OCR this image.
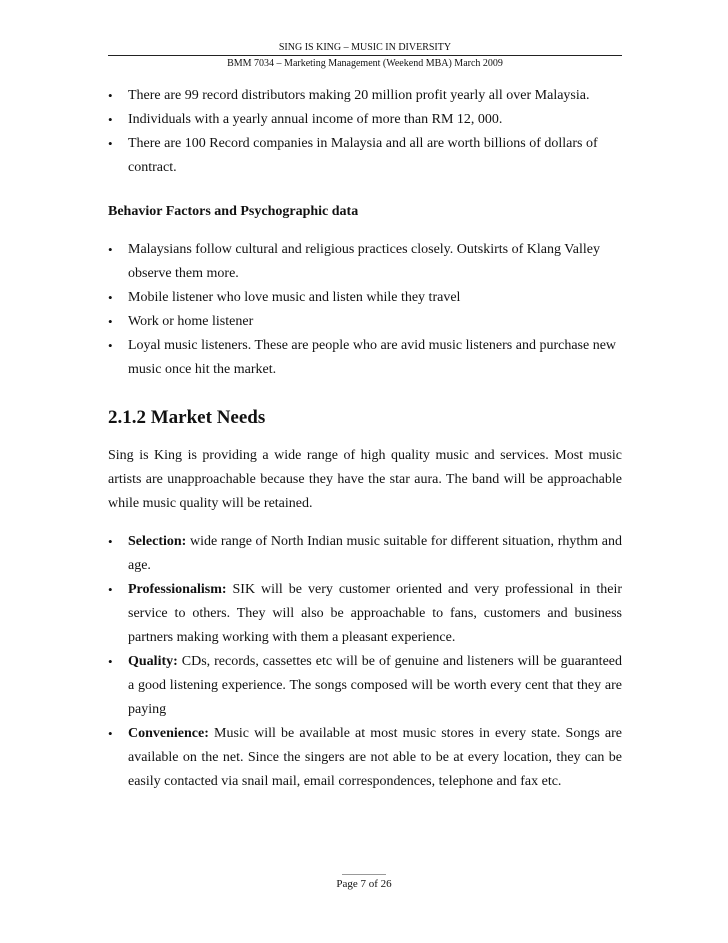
SING IS KING – MUSIC IN DIVERSITY
BMM 7034 – Marketing Management (Weekend MBA) March 2009
• There are 99 record distributors making 20 million profit yearly all over Malaysia.
• Individuals with a yearly annual income of more than RM 12, 000.
• There are 100 Record companies in Malaysia and all are worth billions of dollars of contract.
Behavior Factors and Psychographic data
• Malaysians follow cultural and religious practices closely. Outskirts of Klang Valley observe them more.
• Mobile listener who love music and listen while they travel
• Work or home listener
• Loyal music listeners. These are people who are avid music listeners and purchase new music once hit the market.
2.1.2 Market Needs
Sing is King is providing a wide range of high quality music and services. Most music artists are unapproachable because they have the star aura. The band will be approachable while music quality will be retained.
• Selection: wide range of North Indian music suitable for different situation, rhythm and age.
• Professionalism: SIK will be very customer oriented and very professional in their service to others. They will also be approachable to fans, customers and business partners making working with them a pleasant experience.
• Quality: CDs, records, cassettes etc will be of genuine and listeners will be guaranteed a good listening experience. The songs composed will be worth every cent that they are paying
• Convenience: Music will be available at most music stores in every state. Songs are available on the net. Since the singers are not able to be at every location, they can be easily contacted via snail mail, email correspondences, telephone and fax etc.
Page 7 of 26
